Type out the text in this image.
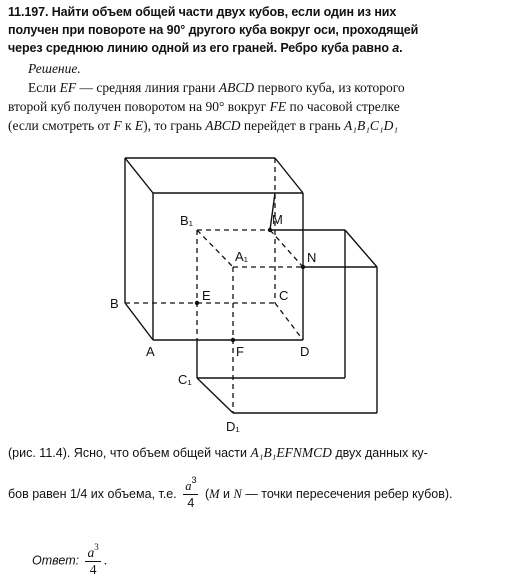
11.197. Найти объем общей части двух кубов, если один из них
получен при повороте на 90° другого куба вокруг оси, проходящей
через среднюю линию одной из его граней. Ребро куба равно a.
Решение.
Если EF — средняя линия грани ABCD первого куба, из которого
второй куб получен поворотом на 90° вокруг FE по часовой стрелке
(если смотреть от F к E), то грань ABCD перейдет в грань A₁B₁C₁D₁
B₁	M
A₁	N
B
E	C
A	F	D
C₁
D₁
(рис. 11.4). Ясно, что объем общей части A₁B₁EFNMCD двух данных ку-
бов равен 1/4 их объема, т.е. $\frac{a^3}{4} (M$ и N — точки пересечения ребер кубов).
Ответ: $\frac{a^3}{4}$ .
